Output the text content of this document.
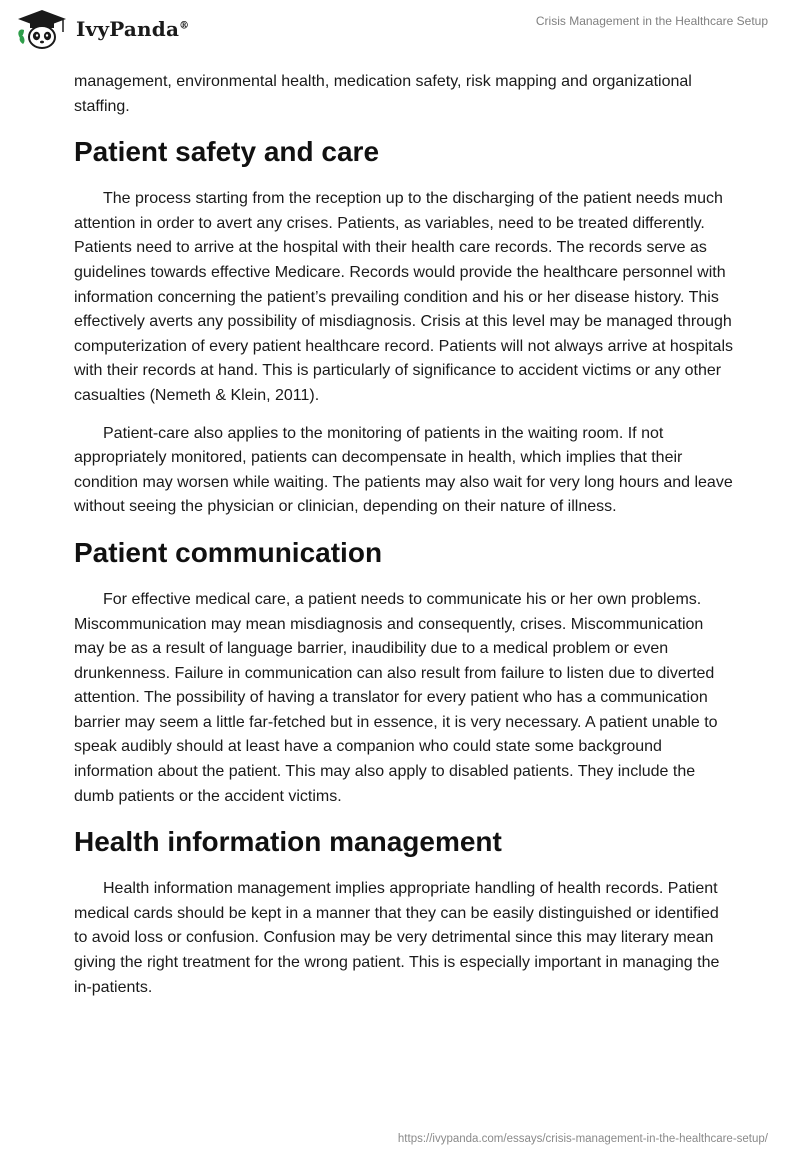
IvyPanda®	Crisis Management in the Healthcare Setup

management, environmental health, medication safety, risk mapping and organizational staffing.

Patient safety and care

The process starting from the reception up to the discharging of the patient needs much attention in order to avert any crises. Patients, as variables, need to be treated differently. Patients need to arrive at the hospital with their health care records. The records serve as guidelines towards effective Medicare. Records would provide the healthcare personnel with information concerning the patient’s prevailing condition and his or her disease history. This effectively averts any possibility of misdiagnosis. Crisis at this level may be managed through computerization of every patient healthcare record. Patients will not always arrive at hospitals with their records at hand. This is particularly of significance to accident victims or any other casualties (Nemeth & Klein, 2011).

Patient-care also applies to the monitoring of patients in the waiting room. If not appropriately monitored, patients can decompensate in health, which implies that their condition may worsen while waiting. The patients may also wait for very long hours and leave without seeing the physician or clinician, depending on their nature of illness.

Patient communication

For effective medical care, a patient needs to communicate his or her own problems. Miscommunication may mean misdiagnosis and consequently, crises. Miscommunication may be as a result of language barrier, inaudibility due to a medical problem or even drunkenness. Failure in communication can also result from failure to listen due to diverted attention. The possibility of having a translator for every patient who has a communication barrier may seem a little far-fetched but in essence, it is very necessary. A patient unable to speak audibly should at least have a companion who could state some background information about the patient. This may also apply to disabled patients. They include the dumb patients or the accident victims.

Health information management

Health information management implies appropriate handling of health records. Patient medical cards should be kept in a manner that they can be easily distinguished or identified to avoid loss or confusion. Confusion may be very detrimental since this may literary mean giving the right treatment for the wrong patient. This is especially important in managing the in-patients.

https://ivypanda.com/essays/crisis-management-in-the-healthcare-setup/
